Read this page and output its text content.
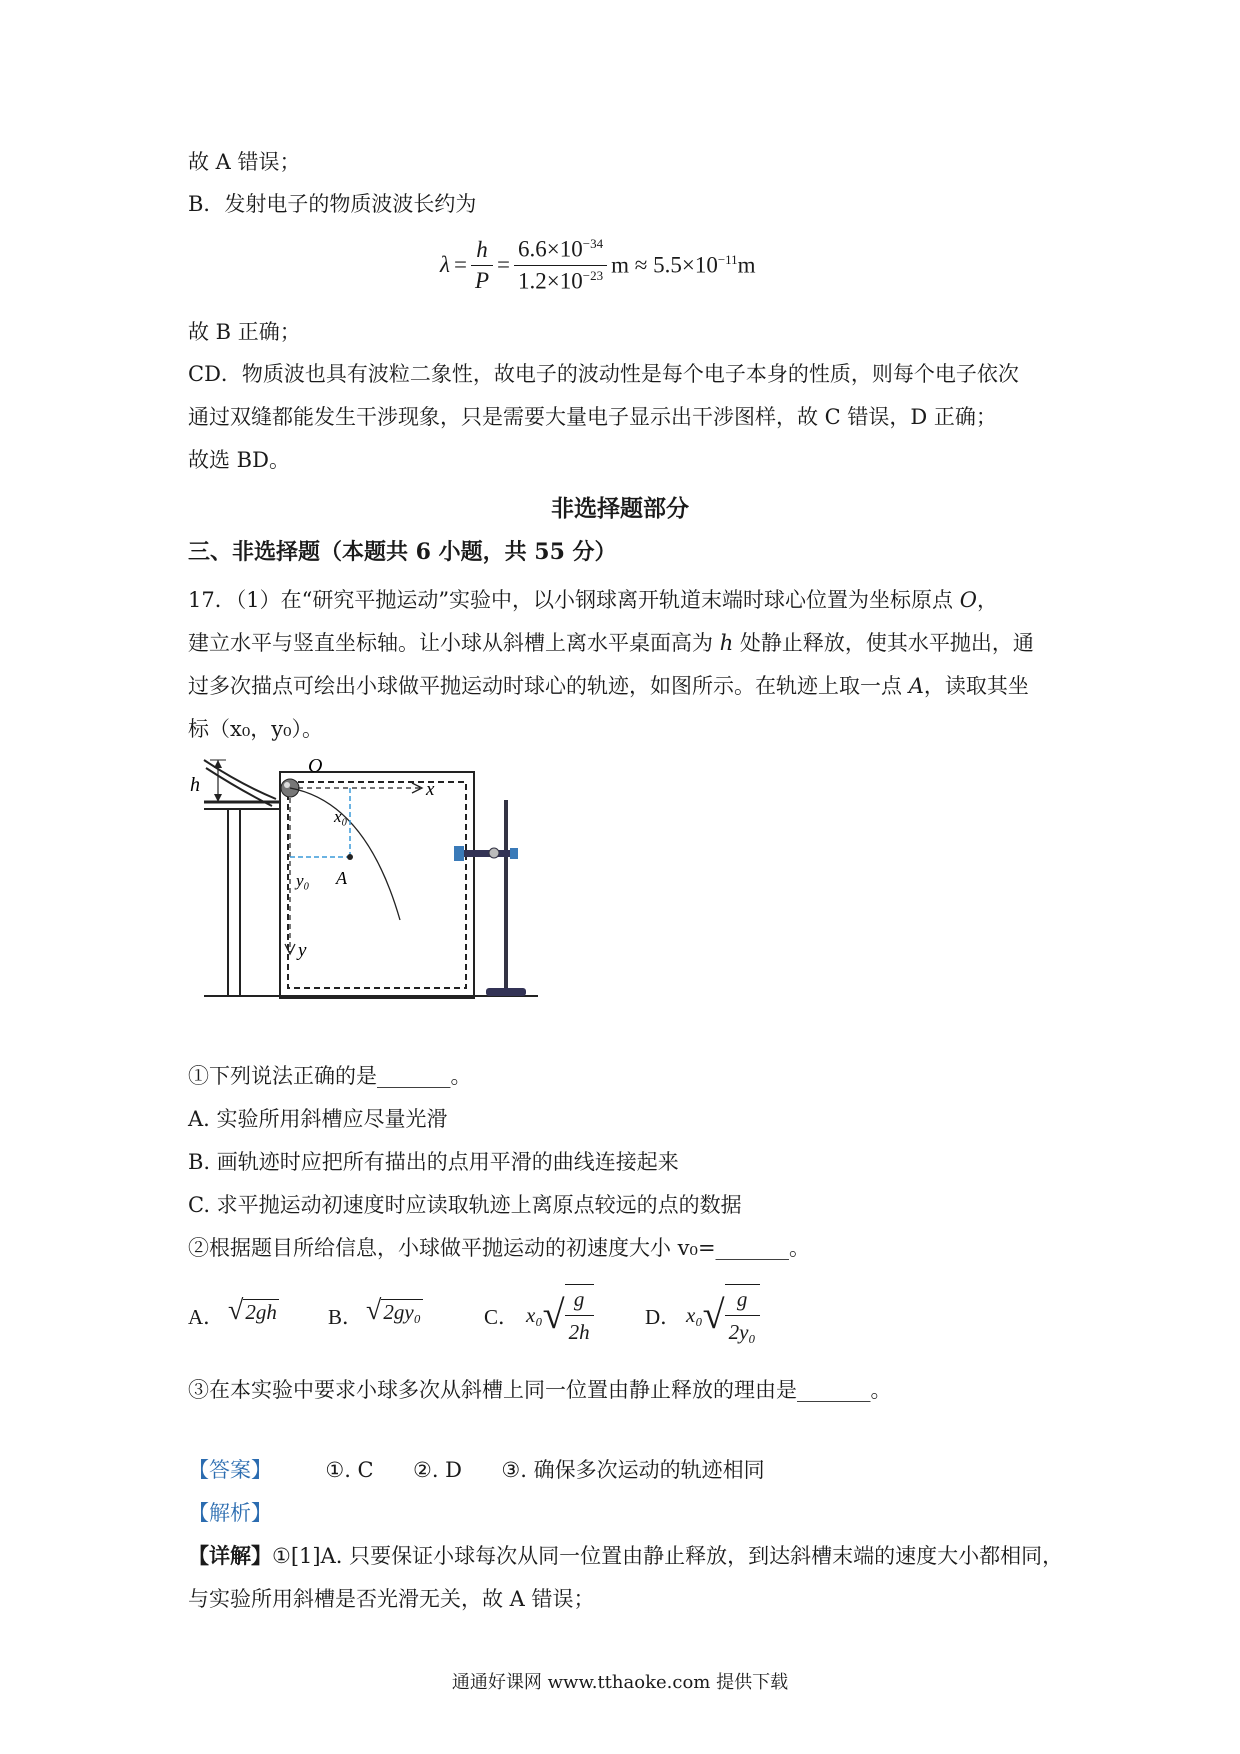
故 A 错误；
B．发射电子的物质波波长约为
$\lambda = \frac{h}{P} = \frac{6.6\times 10^{-34}}{1.2\times 10^{-23}}$ $m \approx 5.5\times 10^{-11}m$
故 B 正确；
CD．物质波也具有波粒二象性，故电子的波动性是每个电子本身的性质，则每个电子依次
通过双缝都能发生干涉现象，只是需要大量电子显示出干涉图样，故 C 错误，D 正确；
故选 BD。
非选择题部分
三、非选择题（本题共 6 小题，共 55 分）
17．（1）在“研究平抛运动”实验中，以小钢球离开轨道末端时球心位置为坐标原点 O，
建立水平与竖直坐标轴。让小球从斜槽上离水平桌面高为 h 处静止释放，使其水平抛出，通
过多次描点可绘出小球做平抛运动时球心的轨迹，如图所示。在轨迹上取一点 A，读取其坐
标（x₀，y₀）。
h	x
y
O
x₀
y₀ A
①下列说法正确的是_______。
A. 实验所用斜槽应尽量光滑
B. 画轨迹时应把所有描出的点用平滑的曲线连接起来
C. 求平抛运动初速度时应读取轨迹上离原点较远的点的数据
②根据题目所给信息，小球做平抛运动的初速度大小 v₀=_______。
A． √2gh B． √2gy₀	C． x₀ √ $\frac{g}{2h}$ D． x₀ √ $\frac{g}{\text{2y₀}}$
③在本实验中要求小球多次从斜槽上同一位置由静止释放的理由是_______。
【答案】	①. C ②. D ③. 确保多次运动的轨迹相同
【解析】
【详解】①[1]A. 只要保证小球每次从同一位置由静止释放，到达斜槽末端的速度大小都相同，
与实验所用斜槽是否光滑无关，故 A 错误；
通通好课网 www.tthaoke.com 提供下载
